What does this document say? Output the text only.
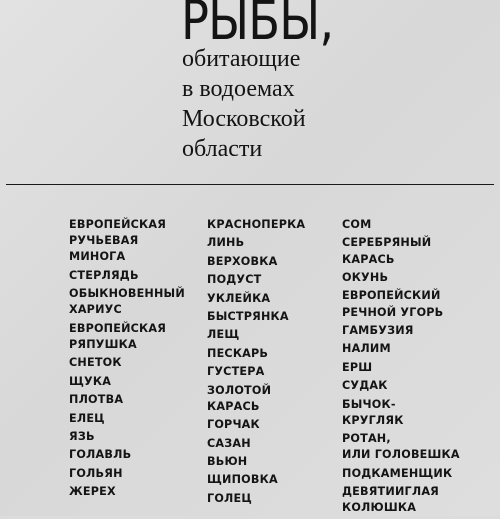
РЫБЫ,
обитающие
в водоемах
Московской
области
ЕВРОПЕЙСКАЯ
РУЧЬЕВАЯ
МИНОГА
СТЕРЛЯДЬ
ОБЫКНОВЕННЫЙ
ХАРИУС
ЕВРОПЕЙСКАЯ
РЯПУШКА
СНЕТОК
ЩУКА
ПЛОТВА
ЕЛЕЦ
ЯЗЬ
ГОЛАВЛЬ
ГОЛЬЯН
ЖЕРЕХ
КРАСНОПЕРКА
ЛИНЬ
ВЕРХОВКА
ПОДУСТ
УКЛЕЙКА
БЫСТРЯНКА
ЛЕЩ
ПЕСКАРЬ
ГУСТЕРА
ЗОЛОТОЙ
КАРАСЬ
ГОРЧАК
САЗАН
ВЬЮН
ЩИПОВКА
ГОЛЕЦ
СОМ
СЕРЕБРЯНЫЙ
КАРАСЬ
ОКУНЬ
ЕВРОПЕЙСКИЙ
РЕЧНОЙ УГОРЬ
ГАМБУЗИЯ
НАЛИМ
ЕРШ
СУДАК
БЫЧОК-
КРУГЛЯК
РОТАН,
ИЛИ ГОЛОВЕШКА
ПОДКАМЕНЩИК
ДЕВЯТИИГЛАЯ
КОЛЮШКА
